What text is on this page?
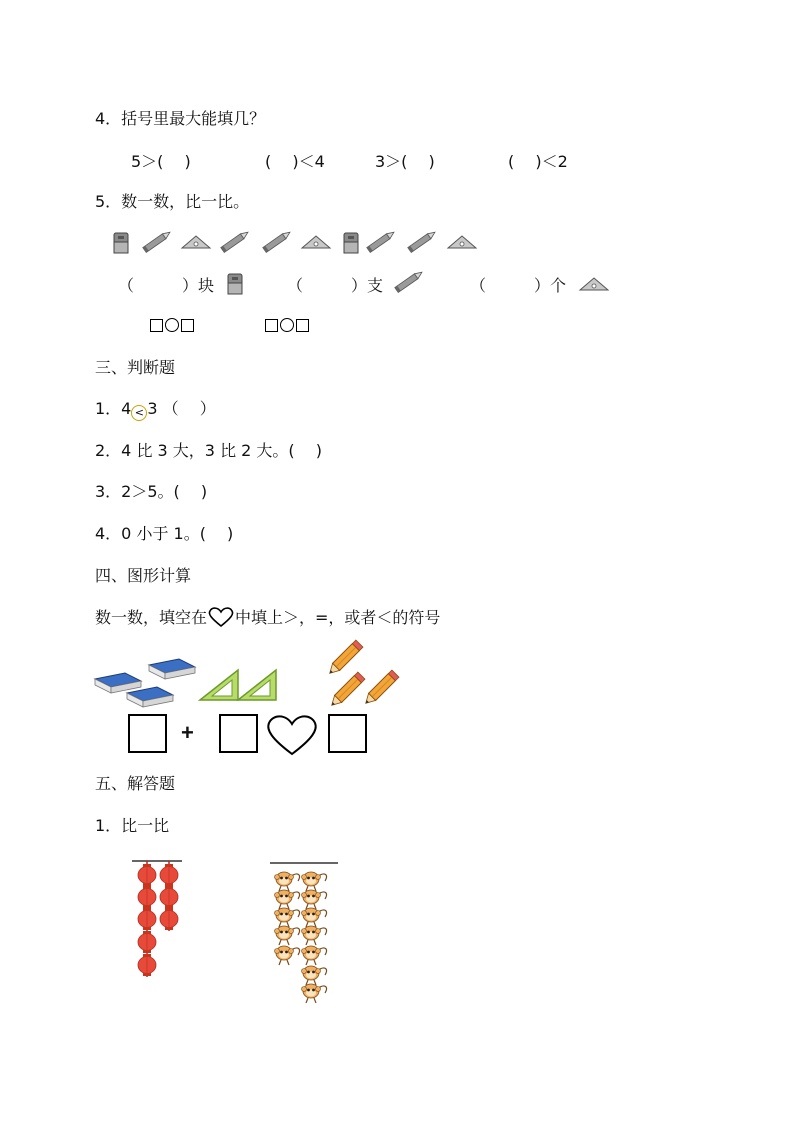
4．括号里最大能填几？
5＞(　 )	(　 )＜4	3＞(　 )	(　 )＜2
5．数一数，比一比。
（　　　）块	（　　　）支	（　　　）个
三、判断题
1．4 < 3 （　 ）
2．4 比 3 大，3 比 2 大。(　 )
3．2＞5。(　 )
4．0 小于 1。(　 )
四、图形计算
数一数，填空在 中填上＞，=，或者＜的符号
+
五、解答题
1．比一比
